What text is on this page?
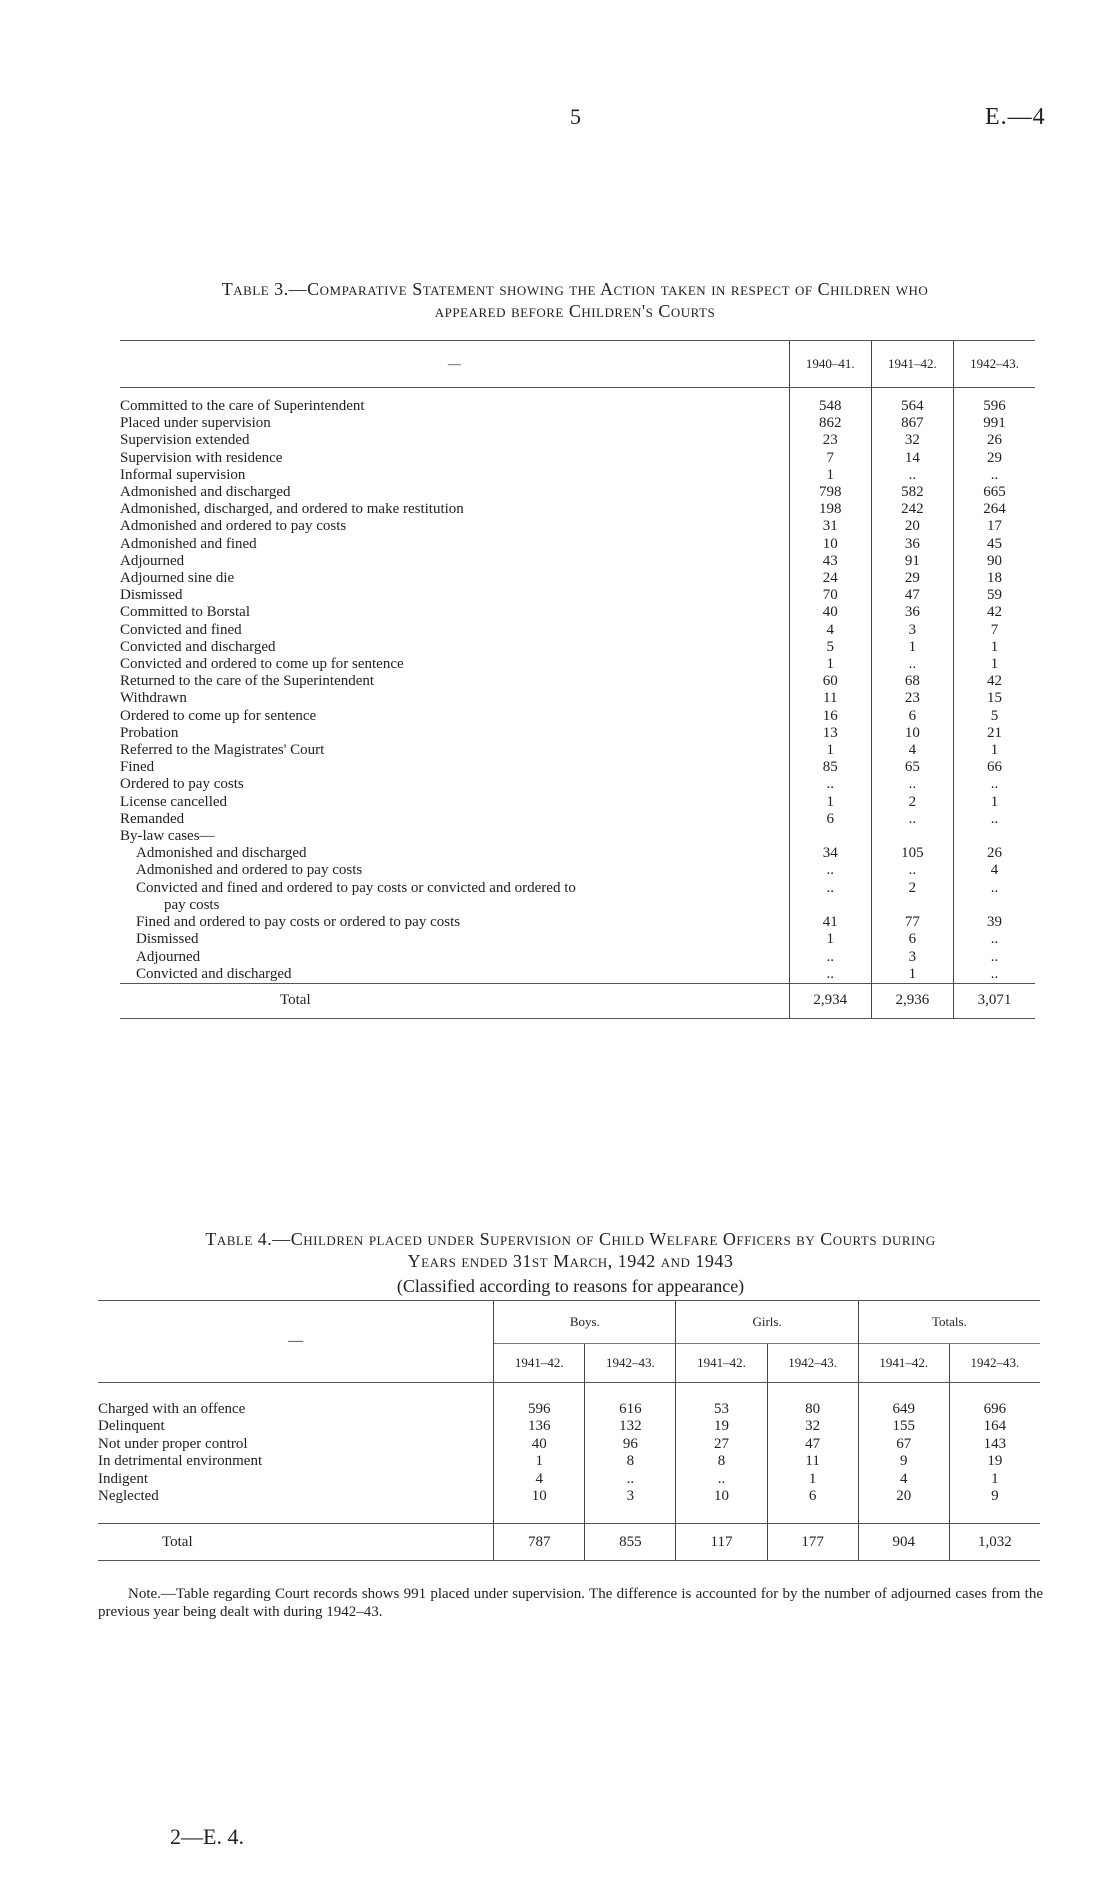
5	E.—4
Table 3.—Comparative Statement showing the Action taken in respect of Children who
appeared before Children's Courts
—	1940–41.	1941–42.	1942–43.

Committed to the care of Superintendent	548	564	596
Placed under supervision	862	867	991
Supervision extended	23	32	26
Supervision with residence	7	14	29
Informal supervision	1	..	..
Admonished and discharged	798	582	665
Admonished, discharged, and ordered to make restitution	198	242	264
Admonished and ordered to pay costs	31	20	17
Admonished and fined	10	36	45
Adjourned	43	91	90
Adjourned sine die	24	29	18
Dismissed	70	47	59
Committed to Borstal	40	36	42
Convicted and fined	4	3	7
Convicted and discharged	5	1	1
Convicted and ordered to come up for sentence	1	..	1
Returned to the care of the Superintendent	60	68	42
Withdrawn	11	23	15
Ordered to come up for sentence	16	6	5
Probation	13	10	21
Referred to the Magistrates' Court	1	4	1
Fined	85	65	66
Ordered to pay costs	..	..	..
License cancelled	1	2	1
Remanded	6	..	..
By-law cases—			
Admonished and discharged	34	105	26
Admonished and ordered to pay costs	..	..	4
Convicted and fined and ordered to pay costs or convicted and ordered to	..	2	..
pay costs			
Fined and ordered to pay costs or ordered to pay costs	41	77	39
Dismissed	1	6	..
Adjourned	..	3	..
Convicted and discharged	..	1	..
Total	2,934	2,936	3,071
Table 4.—Children placed under Supervision of Child Welfare Officers by Courts during
Years ended 31st March, 1942 and 1943
(Classified according to reasons for appearance)
—	Boys.		Girls.		Totals.	
	1941–42.	1942–43.	1941–42.	1942–43.	1941–42.	1942–43.

Charged with an offence	596	616	53	80	649	696
Delinquent	136	132	19	32	155	164
Not under proper control	40	96	27	47	67	143
In detrimental environment	1	8	8	11	9	19
Indigent	4	..	..	1	4	1
Neglected	10	3	10	6	20	9

Total	787	855	117	177	904	1,032
Note.—Table regarding Court records shows 991 placed under supervision. The difference is accounted for by the number of adjourned cases from the previous year being dealt with during 1942–43.
2—E. 4.
